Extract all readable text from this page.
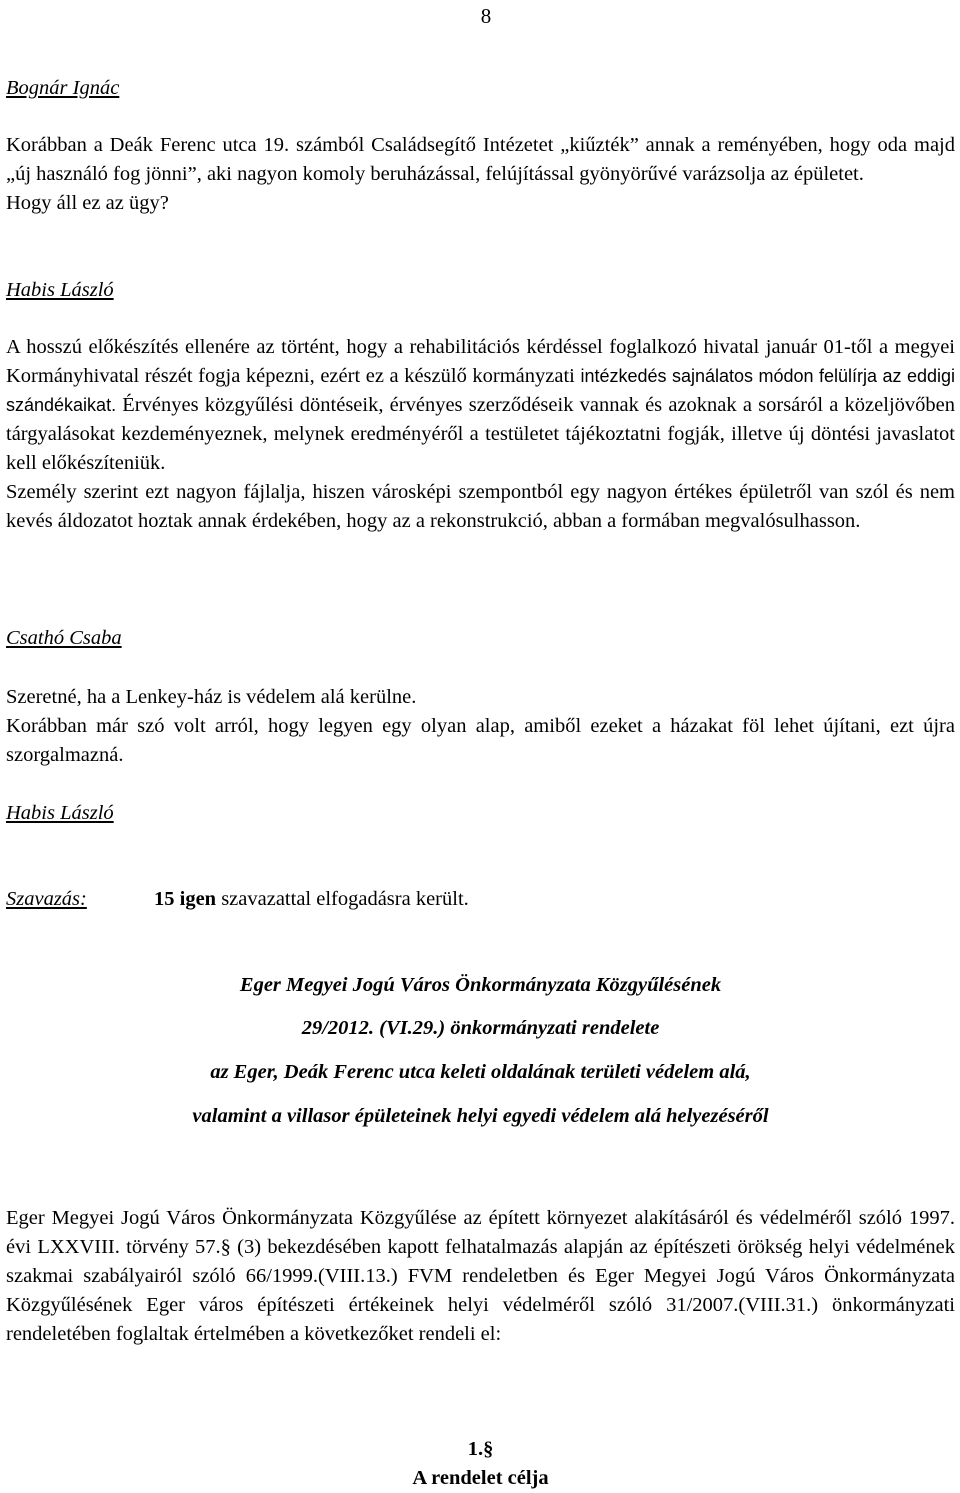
8
Bognár Ignác

Korábban a Deák Ferenc utca 19. számból Családsegítő Intézetet „kiűzték” annak a reményében, hogy oda majd „új használó fog jönni”, aki nagyon komoly beruházással, felújítással gyönyörűvé varázsolja az épületet.

Hogy áll ez az ügy?

Habis László

A hosszú előkészítés ellenére az történt, hogy a rehabilitációs kérdéssel foglalkozó hivatal január 01-től a megyei Kormányhivatal részét fogja képezni, ezért ez a készülő kormányzati intézkedés sajnálatos módon felülírja az eddigi szándékaikat. Érvényes közgyűlési döntéseik, érvényes szerződéseik vannak és azoknak a sorsáról a közeljövőben tárgyalásokat kezdeményeznek, melynek eredményéről a testületet tájékoztatni fogják, illetve új döntési javaslatot kell előkészíteniük.

Személy szerint ezt nagyon fájlalja, hiszen városképi szempontból egy nagyon értékes épületről van szól és nem kevés áldozatot hoztak annak érdekében, hogy az a rekonstrukció, abban a formában megvalósulhasson.

Csathó Csaba

Szeretné, ha a Lenkey-ház is védelem alá kerülne.

Korábban már szó volt arról, hogy legyen egy olyan alap, amiből ezeket a házakat föl lehet újítani, ezt újra szorgalmazná.

Habis László
Szavazás:	15 igen szavazattal elfogadásra került.
Eger Megyei Jogú Város Önkormányzata Közgyűlésének
29/2012. (VI.29.) önkormányzati rendelete
az Eger, Deák Ferenc utca keleti oldalának területi védelem alá,
valamint a villasor épületeinek helyi egyedi védelem alá helyezéséről

Eger Megyei Jogú Város Önkormányzata Közgyűlése az épített környezet alakításáról és védelméről szóló 1997. évi LXXVIII. törvény 57.§ (3) bekezdésében kapott felhatalmazás alapján az építészeti örökség helyi védelmének szakmai szabályairól szóló 66/1999.(VIII.13.) FVM rendeletben és Eger Megyei Jogú Város Önkormányzata Közgyűlésének Eger város építészeti értékeinek helyi védelméről szóló 31/2007.(VIII.31.) önkormányzati rendeletében foglaltak értelmében a következőket rendeli el:

1.§
A rendelet célja
